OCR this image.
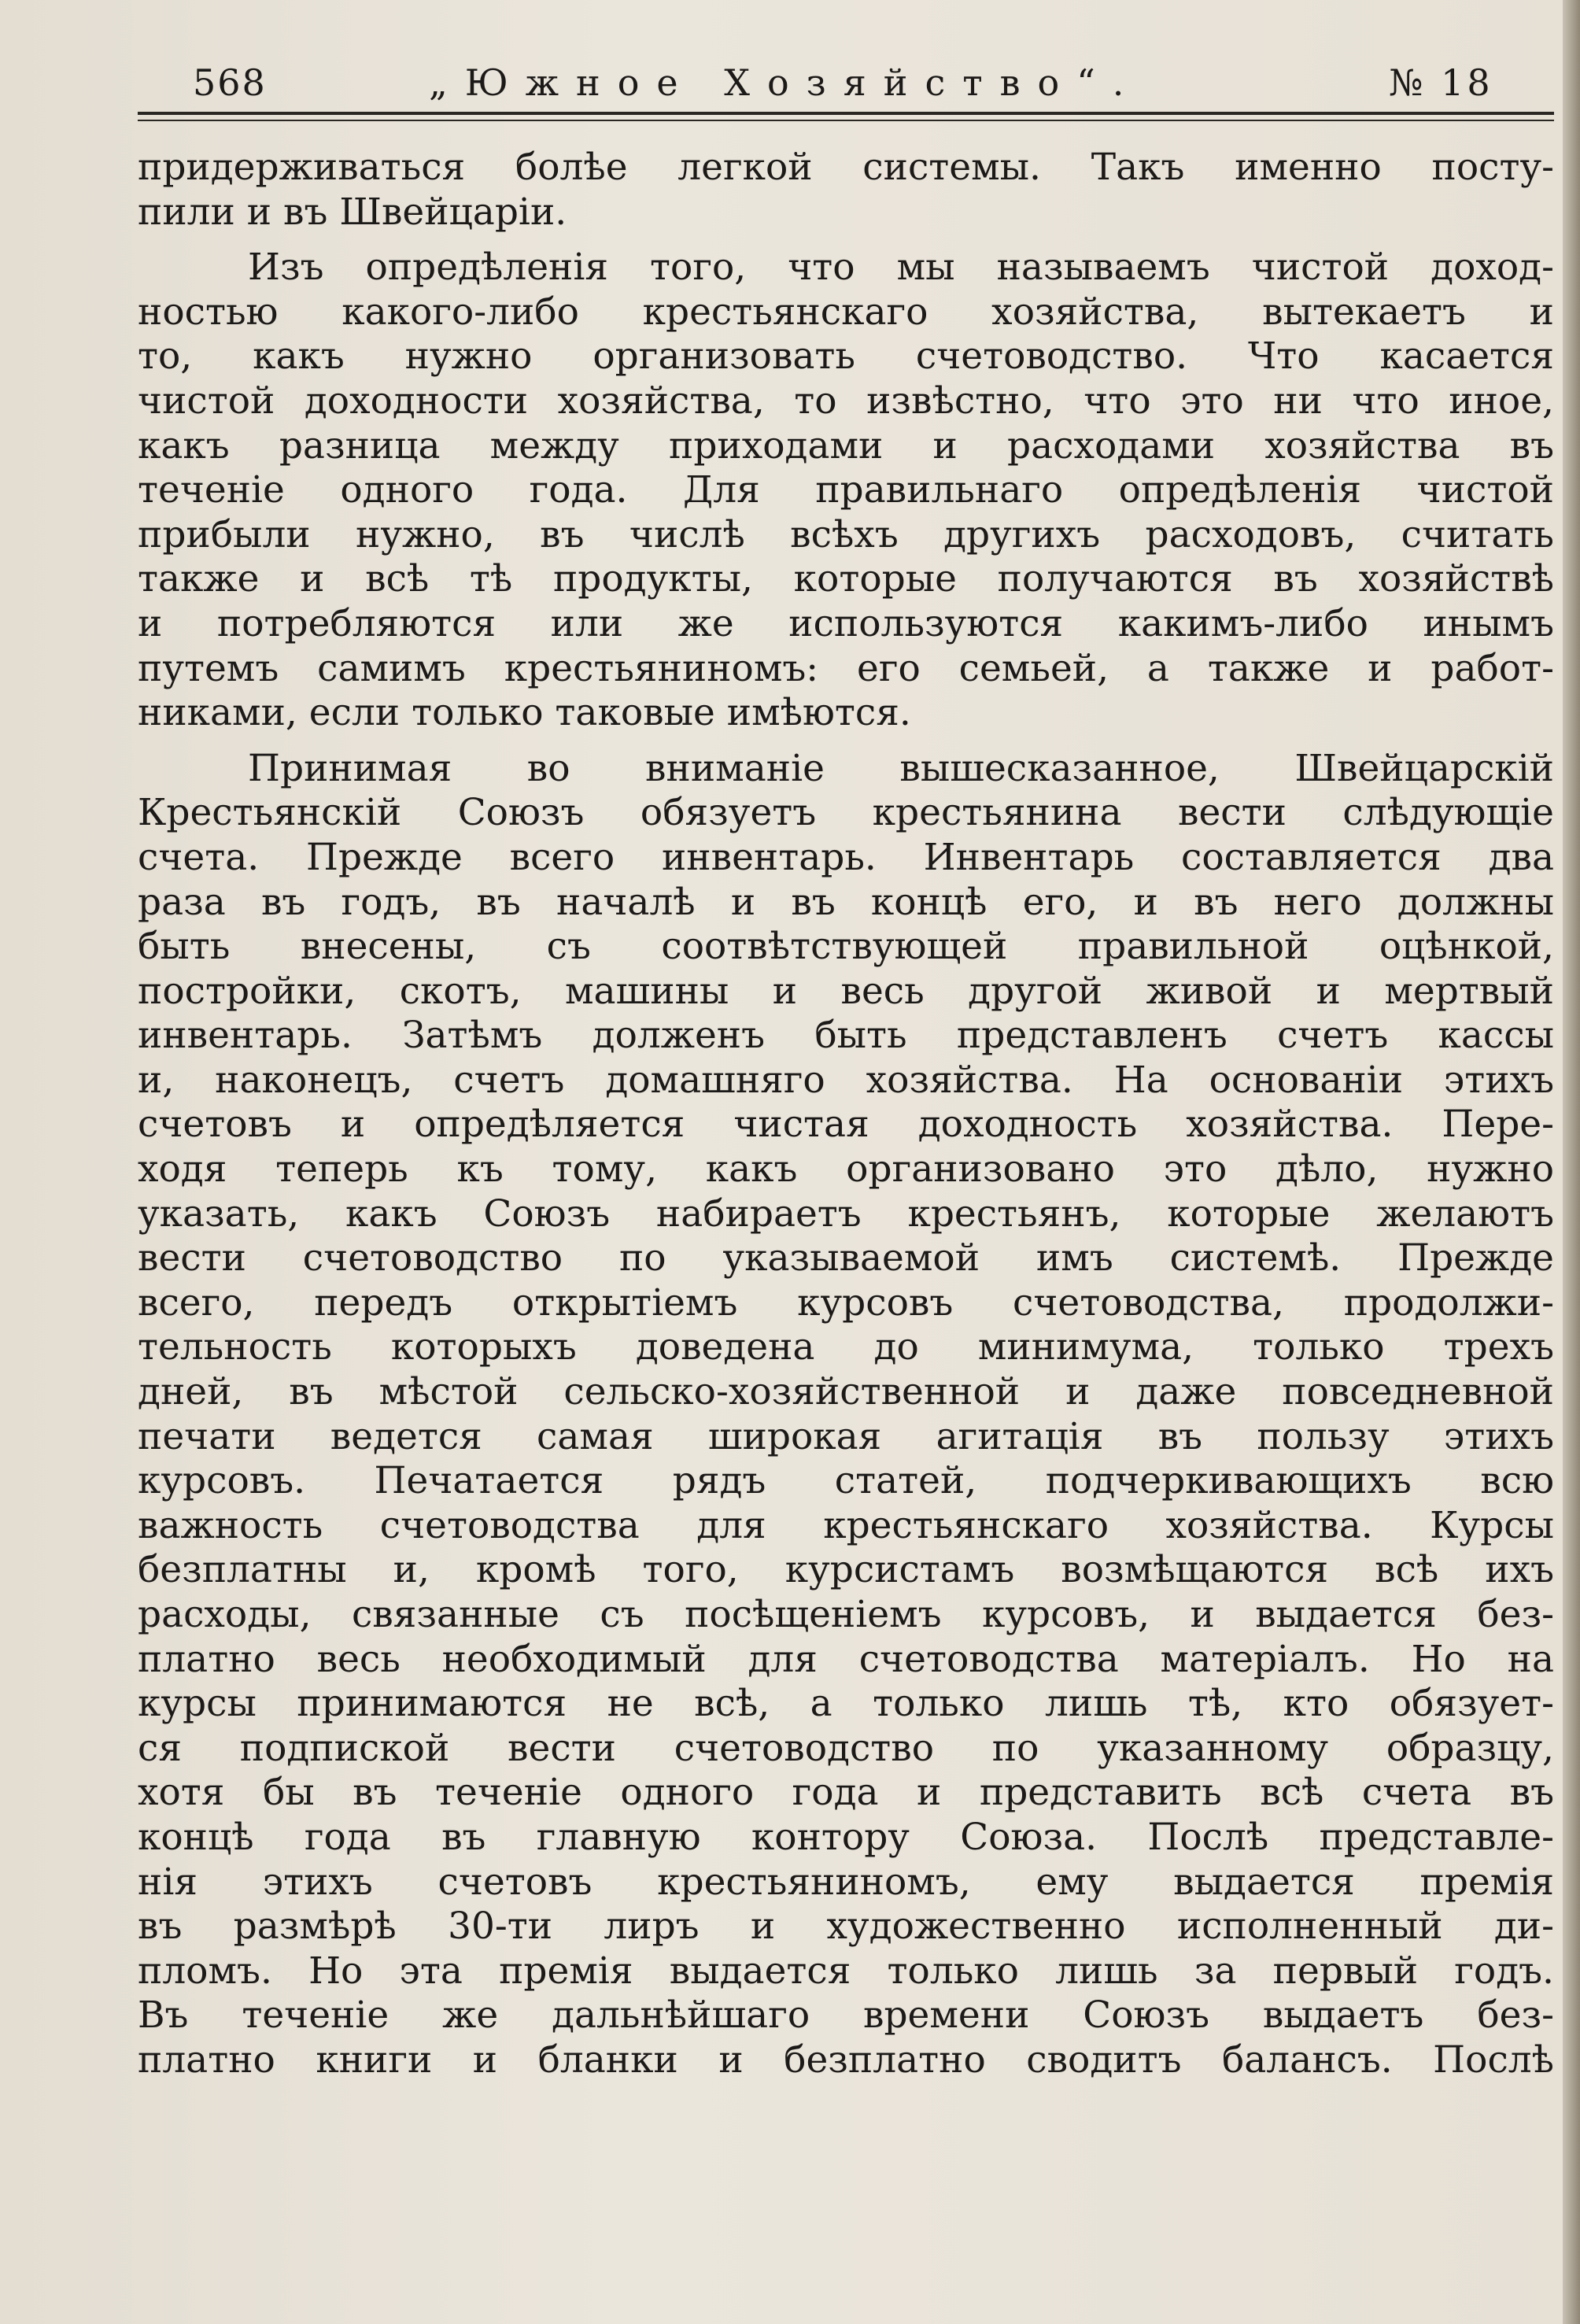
568	„Южное Хозяйство“.	№ 18
придерживаться болѣе легкой системы. Такъ именно посту-
пили и въ Швейцаріи.
Изъ опредѣленія того, что мы называемъ чистой доход-
ностью какого-либо крестьянскаго хозяйства, вытекаетъ и
то, какъ нужно организовать счетоводство. Что касается
чистой доходности хозяйства, то извѣстно, что это ни что иное,
какъ разница между приходами и расходами хозяйства въ
теченіе одного года. Для правильнаго опредѣленія чистой
прибыли нужно, въ числѣ всѣхъ другихъ расходовъ, считать
также и всѣ тѣ продукты, которые получаются въ хозяйствѣ
и потребляются или же используются какимъ-либо инымъ
путемъ самимъ крестьяниномъ: его семьей, а также и работ-
никами, если только таковые имѣются.
Принимая во вниманіе вышесказанное, Швейцарскій
Крестьянскій Союзъ обязуетъ крестьянина вести слѣдующіе
счета. Прежде всего инвентарь. Инвентарь составляется два
раза въ годъ, въ началѣ и въ концѣ его, и въ него должны
быть внесены, съ соотвѣтствующей правильной оцѣнкой,
постройки, скотъ, машины и весь другой живой и мертвый
инвентарь. Затѣмъ долженъ быть представленъ счетъ кассы
и, наконецъ, счетъ домашняго хозяйства. На основаніи этихъ
счетовъ и опредѣляется чистая доходность хозяйства. Пере-
ходя теперь къ тому, какъ организовано это дѣло, нужно
указать, какъ Союзъ набираетъ крестьянъ, которые желаютъ
вести счетоводство по указываемой имъ системѣ. Прежде
всего, передъ открытіемъ курсовъ счетоводства, продолжи-
тельность которыхъ доведена до минимума, только трехъ
дней, въ мѣстой сельско-хозяйственной и даже повседневной
печати ведется самая широкая агитація въ пользу этихъ
курсовъ. Печатается рядъ статей, подчеркивающихъ всю
важность счетоводства для крестьянскаго хозяйства. Курсы
безплатны и, кромѣ того, курсистамъ возмѣщаются всѣ ихъ
расходы, связанные съ посѣщеніемъ курсовъ, и выдается без-
платно весь необходимый для счетоводства матеріалъ. Но на
курсы принимаются не всѣ, а только лишь тѣ, кто обязует-
ся подпиской вести счетоводство по указанному образцу,
хотя бы въ теченіе одного года и представить всѣ счета въ
концѣ года въ главную контору Союза. Послѣ представле-
нія этихъ счетовъ крестьяниномъ, ему выдается премія
въ размѣрѣ 30-ти лиръ и художественно исполненный ди-
пломъ. Но эта премія выдается только лишь за первый годъ.
Въ теченіе же дальнѣйшаго времени Союзъ выдаетъ без-
платно книги и бланки и безплатно сводитъ балансъ. Послѣ
